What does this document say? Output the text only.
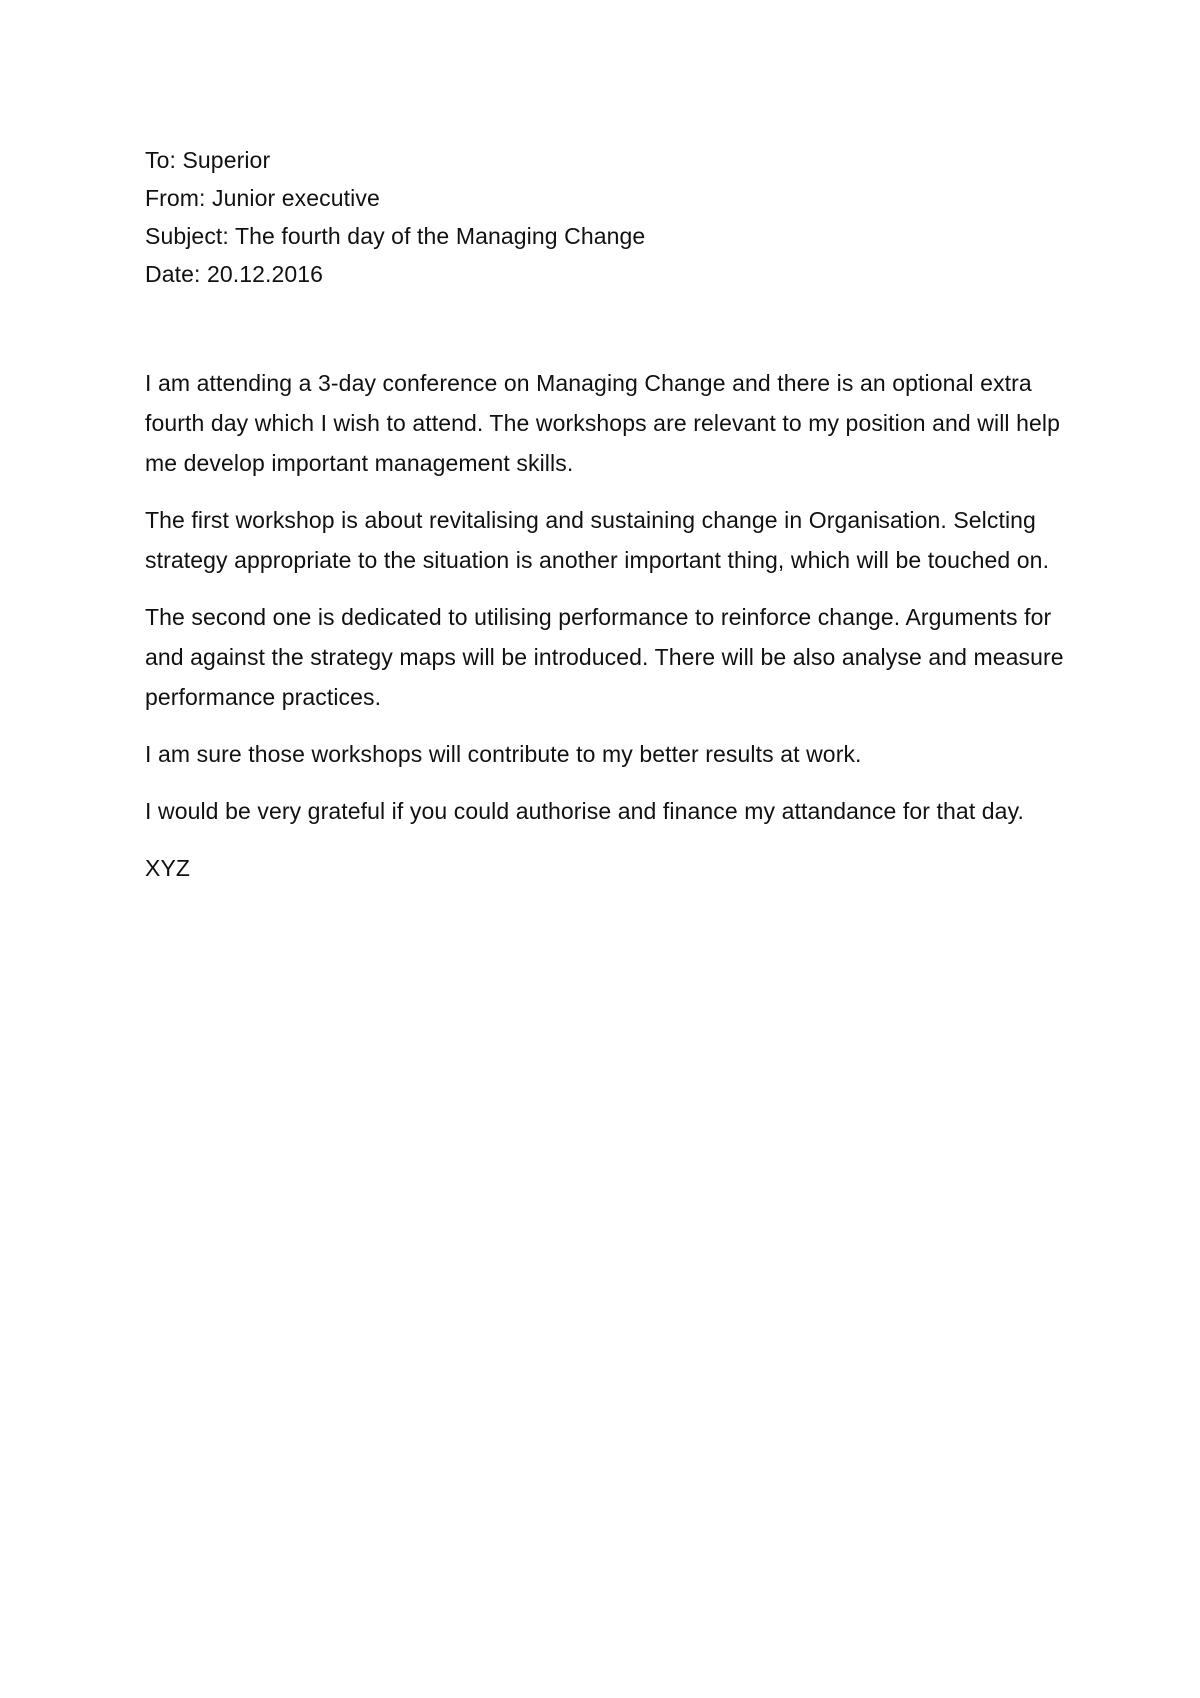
To: Superior

From: Junior executive

Subject: The fourth day of the Managing Change

Date: 20.12.2016

I am attending a 3-day conference on Managing Change and there is an optional extra fourth day which I wish to attend. The workshops are relevant to my position and will help me develop important management skills.

The first workshop is about revitalising and sustaining change in Organisation. Selcting strategy appropriate to the situation is another important thing, which will be touched on.

The second one is dedicated to utilising performance to reinforce change. Arguments for and against the strategy maps will be introduced. There will be also analyse and measure performance practices.

I am sure those workshops will contribute to my better results at work.

I would be very grateful if you could authorise and finance my attandance for that day.

XYZ
